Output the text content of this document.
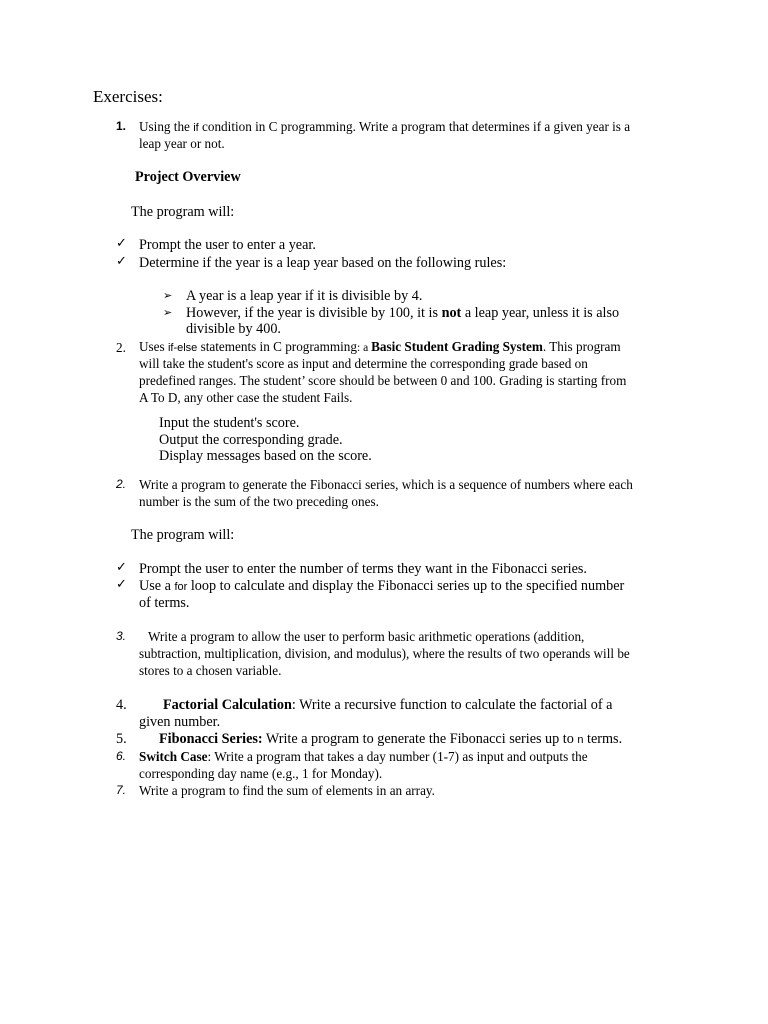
Exercises:
1. Using the if condition in C programming. Write a program that determines if a given year is a
leap year or not.
Project Overview
The program will:
✓ Prompt the user to enter a year.
✓ Determine if the year is a leap year based on the following rules:
➢ A year is a leap year if it is divisible by 4.
➢ However, if the year is divisible by 100, it is not a leap year, unless it is also
divisible by 400.
2. Uses if-else statements in C programming: a Basic Student Grading System. This program
will take the student's score as input and determine the corresponding grade based on
predefined ranges. The student’ score should be between 0 and 100. Grading is starting from
A To D, any other case the student Fails.
Input the student's score.
Output the corresponding grade.
Display messages based on the score.
2. Write a program to generate the Fibonacci series, which is a sequence of numbers where each
number is the sum of the two preceding ones.
The program will:
✓ Prompt the user to enter the number of terms they want in the Fibonacci series.
✓ Use a for loop to calculate and display the Fibonacci series up to the specified number
of terms.
3. Write a program to allow the user to perform basic arithmetic operations (addition,
subtraction, multiplication, division, and modulus), where the results of two operands will be
stores to a chosen variable.
4.	Factorial Calculation: Write a recursive function to calculate the factorial of a
given number.
5. Fibonacci Series: Write a program to generate the Fibonacci series up to n terms.
6. Switch Case: Write a program that takes a day number (1-7) as input and outputs the
corresponding day name (e.g., 1 for Monday).
7. Write a program to find the sum of elements in an array.
